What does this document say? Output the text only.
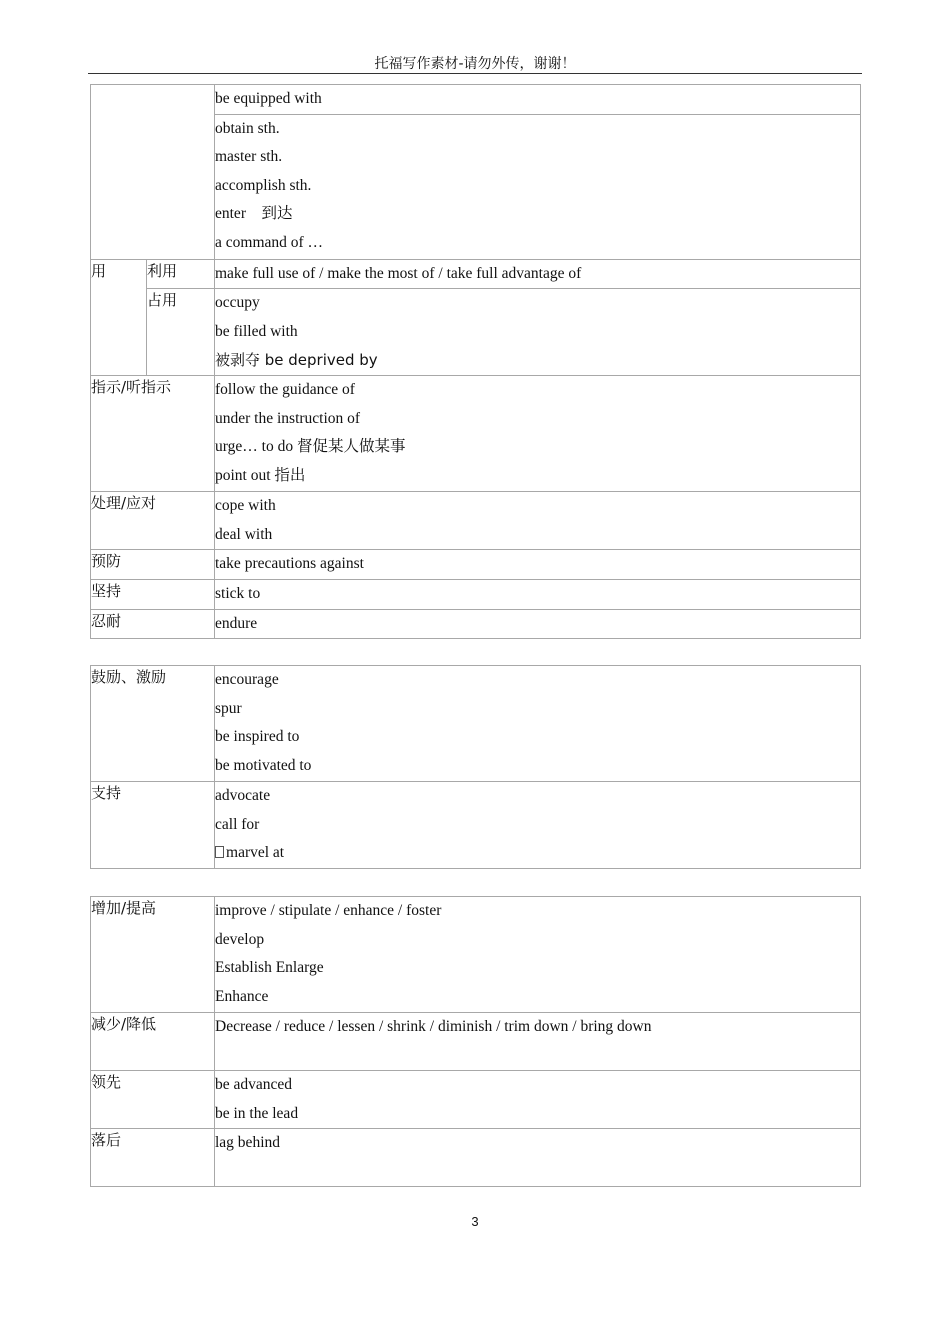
托福写作素材-请勿外传，谢谢！

		be equipped with

		obtain sth.
master sth.
accomplish sth.
enter　到达
a command of …

用	利用	make full use of / make the most of / take full advantage of

	占用	occupy
be filled with
被剥夺 be deprived by

指示/听指示		follow the guidance of
under the instruction of
urge… to do 督促某人做某事
point out 指出

处理/应对		cope with
deal with

预防		take precautions against

坚持		stick to

忍耐		endure
鼓励、激励	encourage
spur
be inspired to
be motivated to

支持	advocate
call for
marvel at
增加/提高	improve / stipulate / enhance / foster
develop
Establish Enlarge
Enhance

减少/降低	Decrease / reduce / lessen / shrink / diminish / trim down / bring down

领先	be advanced
be in the lead

落后	lag behind
3
